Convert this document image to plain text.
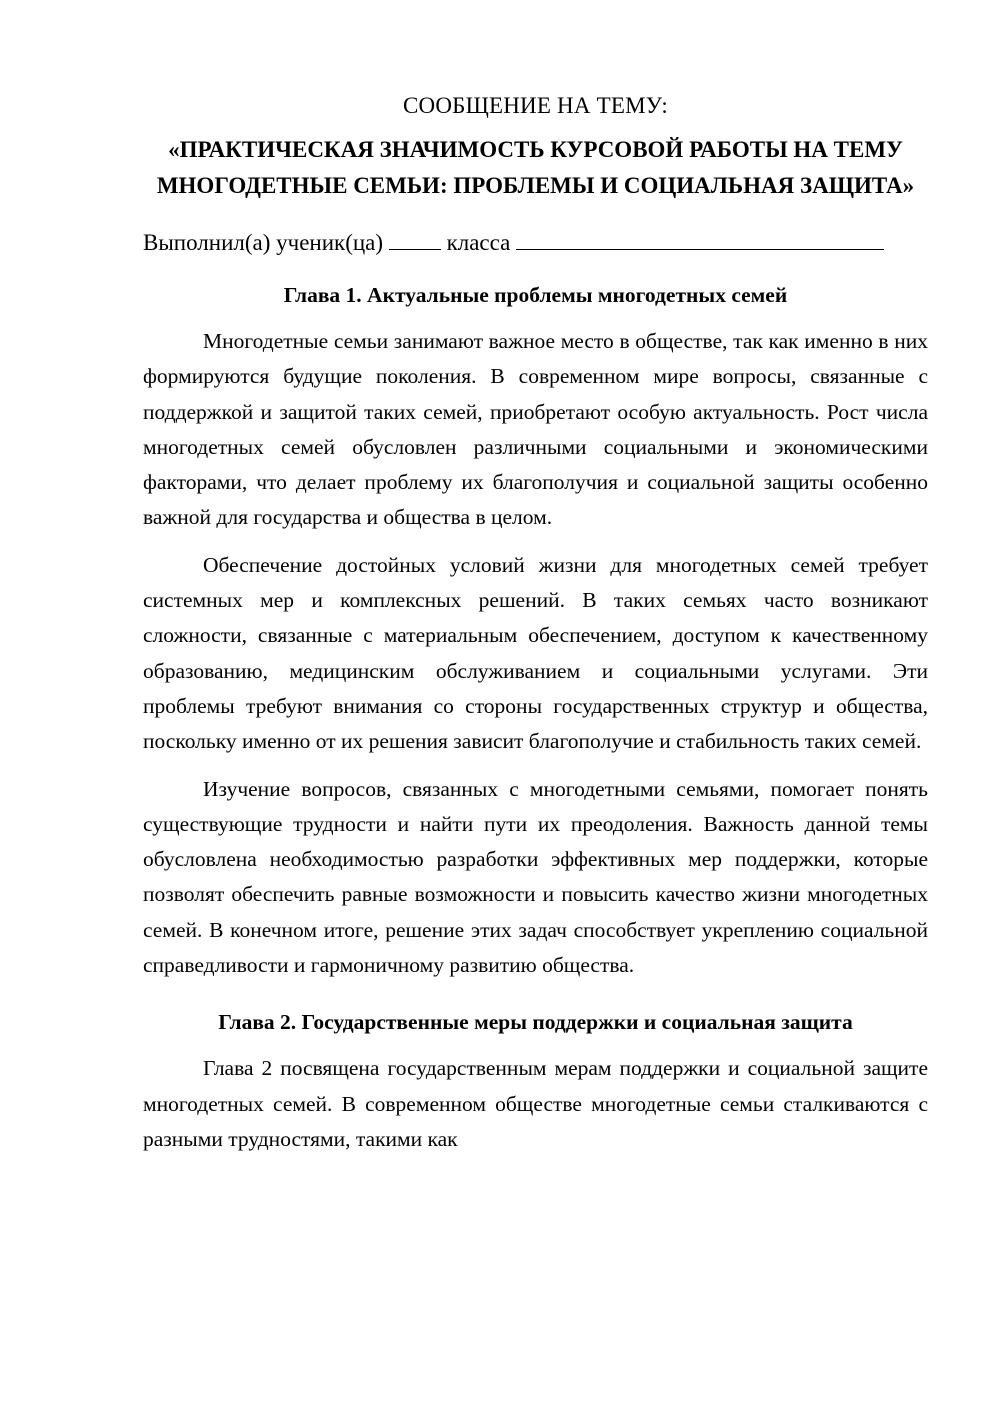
СООБЩЕНИЕ НА ТЕМУ:
«ПРАКТИЧЕСКАЯ ЗНАЧИМОСТЬ КУРСОВОЙ РАБОТЫ НА ТЕМУ МНОГОДЕТНЫЕ СЕМЬИ: ПРОБЛЕМЫ И СОЦИАЛЬНАЯ ЗАЩИТА»
Выполнил(а) ученик(ца)	класса
Глава 1. Актуальные проблемы многодетных семей

Многодетные семьи занимают важное место в обществе, так как именно в них формируются будущие поколения. В современном мире вопросы, связанные с поддержкой и защитой таких семей, приобретают особую актуальность. Рост числа многодетных семей обусловлен различными социальными и экономическими факторами, что делает проблему их благополучия и социальной защиты особенно важной для государства и общества в целом.

Обеспечение достойных условий жизни для многодетных семей требует системных мер и комплексных решений. В таких семьях часто возникают сложности, связанные с материальным обеспечением, доступом к качественному образованию, медицинским обслуживанием и социальными услугами. Эти проблемы требуют внимания со стороны государственных структур и общества, поскольку именно от их решения зависит благополучие и стабильность таких семей.

Изучение вопросов, связанных с многодетными семьями, помогает понять существующие трудности и найти пути их преодоления. Важность данной темы обусловлена необходимостью разработки эффективных мер поддержки, которые позволят обеспечить равные возможности и повысить качество жизни многодетных семей. В конечном итоге, решение этих задач способствует укреплению социальной справедливости и гармоничному развитию общества.

Глава 2. Государственные меры поддержки и социальная защита

Глава 2 посвящена государственным мерам поддержки и социальной защите многодетных семей. В современном обществе многодетные семьи сталкиваются с разными трудностями, такими как
